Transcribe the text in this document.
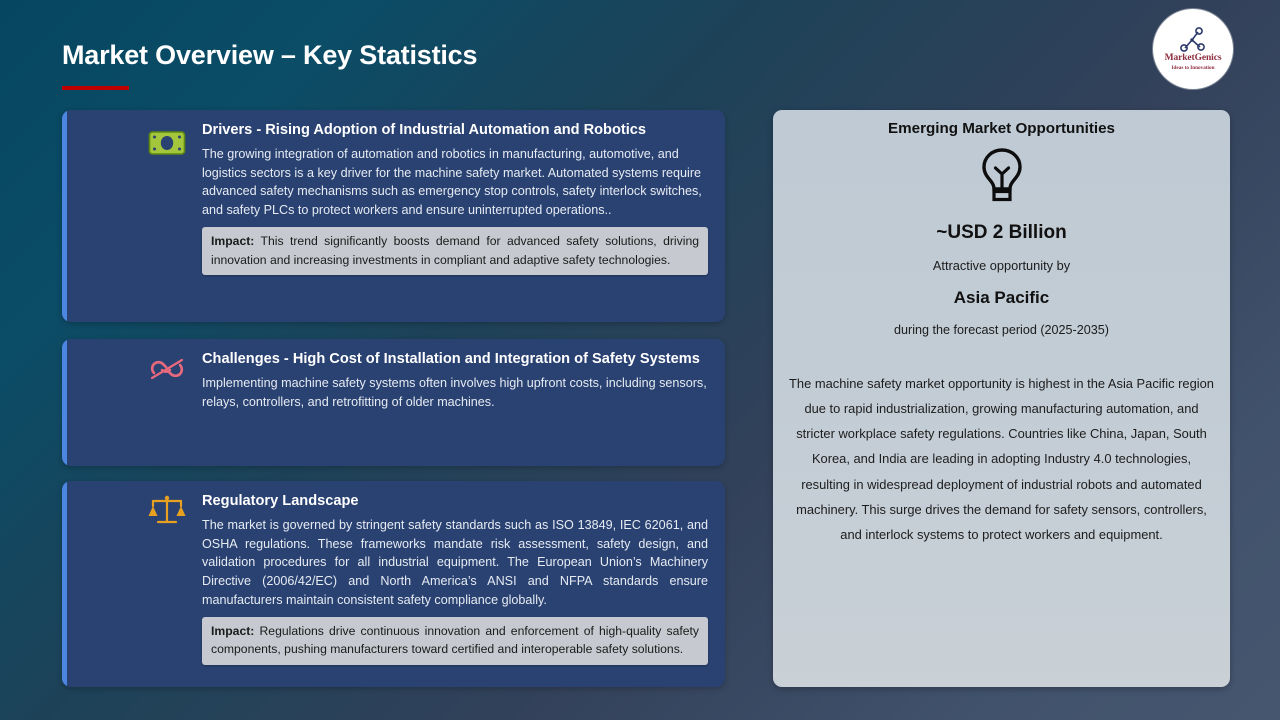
Market Overview – Key Statistics	MarketGenics
Ideas to Innovation
Drivers - Rising Adoption of Industrial Automation and Robotics

The growing integration of automation and robotics in manufacturing, automotive, and logistics sectors is a key driver for the machine safety market. Automated systems require advanced safety mechanisms such as emergency stop controls, safety interlock switches, and safety PLCs to protect workers and ensure uninterrupted operations..

Impact: This trend significantly boosts demand for advanced safety solutions, driving innovation and increasing investments in compliant and adaptive safety technologies.
Challenges - High Cost of Installation and Integration of Safety Systems

Implementing machine safety systems often involves high upfront costs, including sensors, relays, controllers, and retrofitting of older machines.

Regulatory Landscape

The market is governed by stringent safety standards such as ISO 13849, IEC 62061, and OSHA regulations. These frameworks mandate risk assessment, safety design, and validation procedures for all industrial equipment. The European Union’s Machinery Directive (2006/42/EC) and North America’s ANSI and NFPA standards ensure manufacturers maintain consistent safety compliance globally.

Impact: Regulations drive continuous innovation and enforcement of high-quality safety components, pushing manufacturers toward certified and interoperable safety solutions.
Emerging Market Opportunities
~USD 2 Billion
Attractive opportunity by
Asia Pacific
during the forecast period (2025-2035)

The machine safety market opportunity is highest in the Asia Pacific region due to rapid industrialization, growing manufacturing automation, and stricter workplace safety regulations. Countries like China, Japan, South Korea, and India are leading in adopting Industry 4.0 technologies, resulting in widespread deployment of industrial robots and automated machinery. This surge drives the demand for safety sensors, controllers, and interlock systems to protect workers and equipment.
